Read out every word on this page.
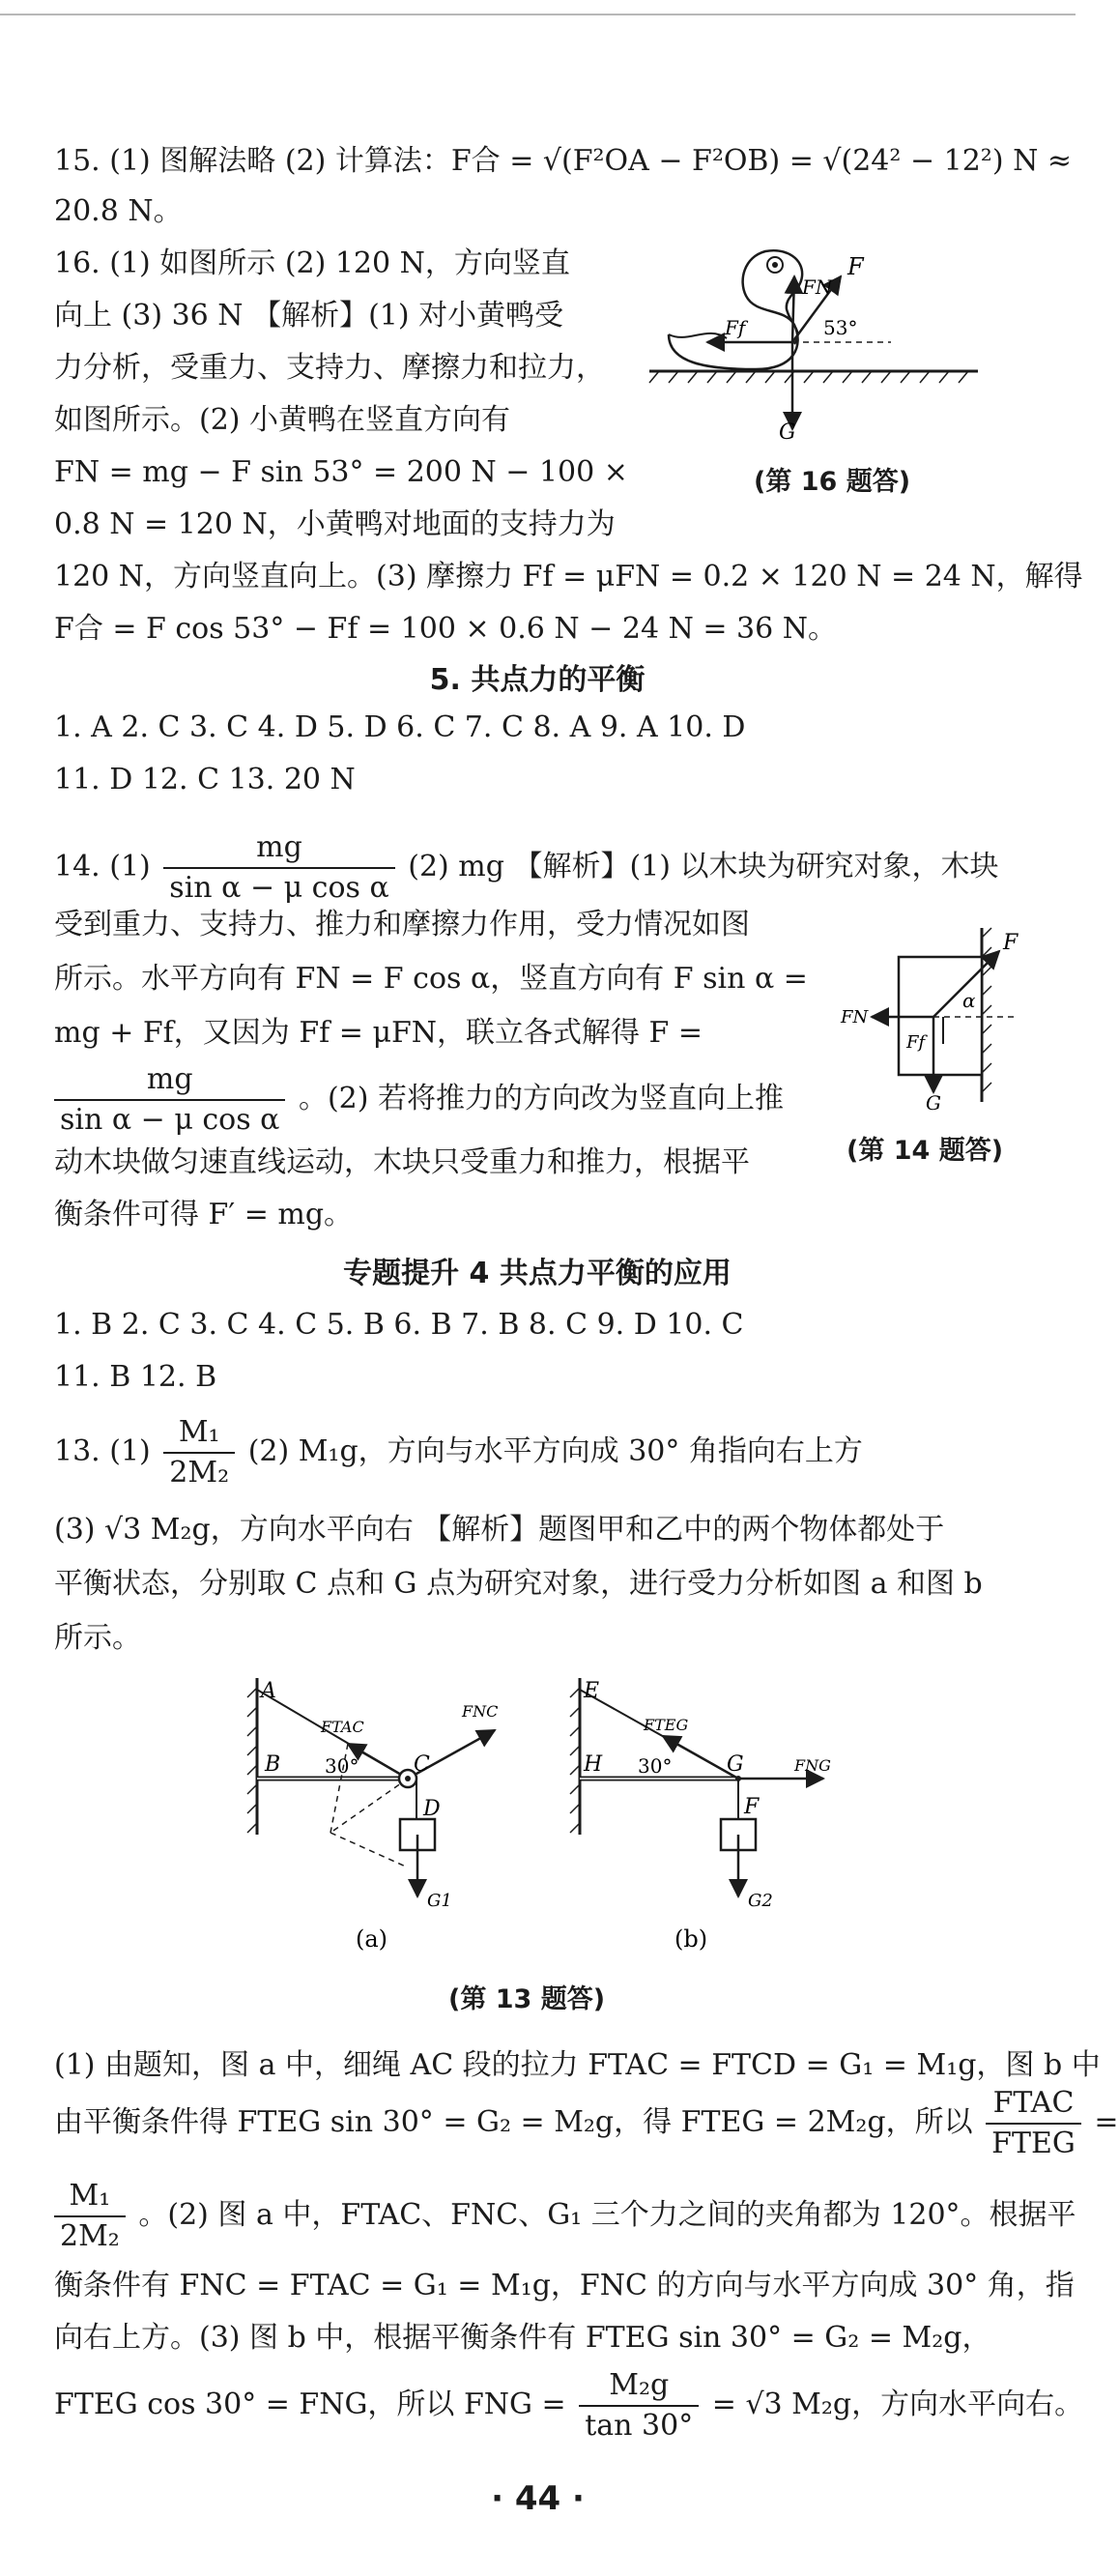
15. (1) 图解法略 (2) 计算法：F合 = √(F²OA − F²OB) = √(24² − 12²) N ≈
20.8 N。
16. (1) 如图所示 (2) 120 N，方向竖直
向上 (3) 36 N 【解析】(1) 对小黄鸭受
力分析，受重力、支持力、摩擦力和拉力，
如图所示。(2) 小黄鸭在竖直方向有
FN = mg − F sin 53° = 200 N − 100 ×
0.8 N = 120 N，小黄鸭对地面的支持力为
120 N，方向竖直向上。(3) 摩擦力 Ff = μFN = 0.2 × 120 N = 24 N，解得
F合 = F cos 53° − Ff = 100 × 0.6 N − 24 N = 36 N。
5. 共点力的平衡
1. A 2. C 3. C 4. D 5. D 6. C 7. C 8. A 9. A 10. D
11. D 12. C 13. 20 N
14. $(1) \frac{mg}{\text{sin α − μ cos α}} (2)$ mg 【解析】(1) 以木块为研究对象，木块
受到重力、支持力、推力和摩擦力作用，受力情况如图
所示。水平方向有 FN = F cos α，竖直方向有 F sin α =
mg + Ff，又因为 Ff = μFN，联立各式解得 F =
$\frac{mg}{\text{sin α − μ cos α}}$ 。(2) 若将推力的方向改为竖直向上推
动木块做匀速直线运动，木块只受重力和推力，根据平
衡条件可得 F′ = mg。
专题提升 4 共点力平衡的应用
1. B 2. C 3. C 4. C 5. B 6. B 7. B 8. C 9. D 10. C
11. B 12. B
13. $(1) \frac{\text{M₁}}{\text{2M₂}} (2)$ M₁g，方向与水平方向成 30° 角指向右上方
(3) √3 M₂g，方向水平向右 【解析】题图甲和乙中的两个物体都处于
平衡状态，分别取 C 点和 G 点为研究对象，进行受力分析如图 a 和图 b
所示。
(1) 由题知，图 a 中，细绳 AC 段的拉力 FTAC = FTCD = G₁ = M₁g，图 b 中
由平衡条件得 FTEG sin 30° = G₂ = M₂g，得 FTEG = 2M₂g，所以 $\frac{\text{FTAC}}{\text{FTEG}}$ =
$\frac{\text{M₁}}{\text{2M₂}}$ 。(2) 图 a 中，FTAC、FNC、G₁ 三个力之间的夹角都为 120°。根据平
衡条件有 FNC = FTAC = G₁ = M₁g，FNC 的方向与水平方向成 30° 角，指
向右上方。(3) 图 b 中，根据平衡条件有 FTEG sin 30° = G₂ = M₂g，
FTEG cos 30° = FNG，所以 FNG = $\frac{\text{M₂g}}{\tan 30^\circ} = √3$ M₂g，方向水平向右。
F
FN
53°
Ff
G
(第 16 题答)
F
FN
α
Ff
G
(第 14 题答)
A
B	C
D
FTAC
FNC
30°
G1
(a)
E
H	G
F
FTEG
FNG
30°
G2
(b)
(第 13 题答)
· 44 ·
